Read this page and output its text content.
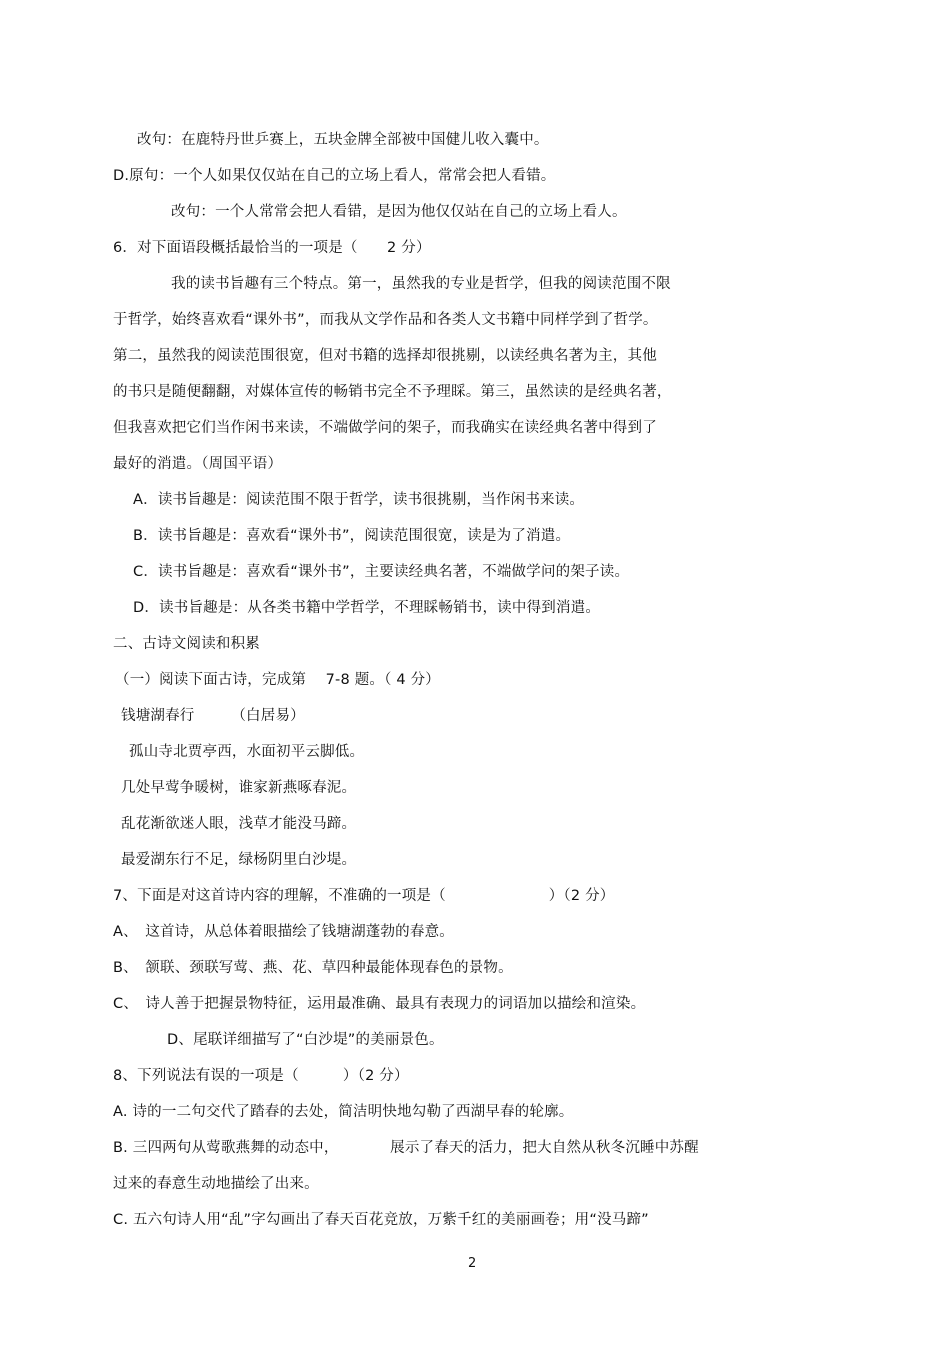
改句：在鹿特丹世乒赛上，五块金牌全部被中国健儿收入囊中。
D.原句：一个人如果仅仅站在自己的立场上看人，常常会把人看错。
改句：一个人常常会把人看错，是因为他仅仅站在自己的立场上看人。
6．对下面语段概括最恰当的一项是（　　2 分）
我的读书旨趣有三个特点。第一，虽然我的专业是哲学，但我的阅读范围不限
于哲学，始终喜欢看“课外书”，而我从文学作品和各类人文书籍中同样学到了哲学。
第二，虽然我的阅读范围很宽，但对书籍的选择却很挑剔，以读经典名著为主，其他
的书只是随便翻翻，对媒体宣传的畅销书完全不予理睬。第三，虽然读的是经典名著，
但我喜欢把它们当作闲书来读，不端做学问的架子，而我确实在读经典名著中得到了
最好的消遣。（周国平语）
A．读书旨趣是：阅读范围不限于哲学，读书很挑剔，当作闲书来读。
B．读书旨趣是：喜欢看“课外书”，阅读范围很宽，读是为了消遣。
C．读书旨趣是：喜欢看“课外书”，主要读经典名著，不端做学问的架子读。
D．读书旨趣是：从各类书籍中学哲学，不理睬畅销书，读中得到消遣。
二、古诗文阅读和积累
（一）阅读下面古诗，完成第　 7-8 题。（ 4 分）
钱塘湖春行　　　（白居易）
孤山寺北贾亭西，水面初平云脚低。
几处早莺争暖树，谁家新燕啄春泥。
乱花渐欲迷人眼，浅草才能没马蹄。
最爱湖东行不足，绿杨阴里白沙堤。
7、下面是对这首诗内容的理解，不准确的一项是（　　　　　　　）（2 分）
A、　这首诗，从总体着眼描绘了钱塘湖蓬勃的春意。
B、　颔联、颈联写莺、燕、花、草四种最能体现春色的景物。
C、　诗人善于把握景物特征，运用最准确、最具有表现力的词语加以描绘和渲染。
D、尾联详细描写了“白沙堤”的美丽景色。
8、下列说法有误的一项是（　　　）（2 分）
A. 诗的一二句交代了踏春的去处，简洁明快地勾勒了西湖早春的轮廓。
B. 三四两句从莺歌燕舞的动态中，　　　　展示了春天的活力，把大自然从秋冬沉睡中苏醒
过来的春意生动地描绘了出来。
C. 五六句诗人用“乱”字勾画出了春天百花竞放，万紫千红的美丽画卷；用“没马蹄”
2
